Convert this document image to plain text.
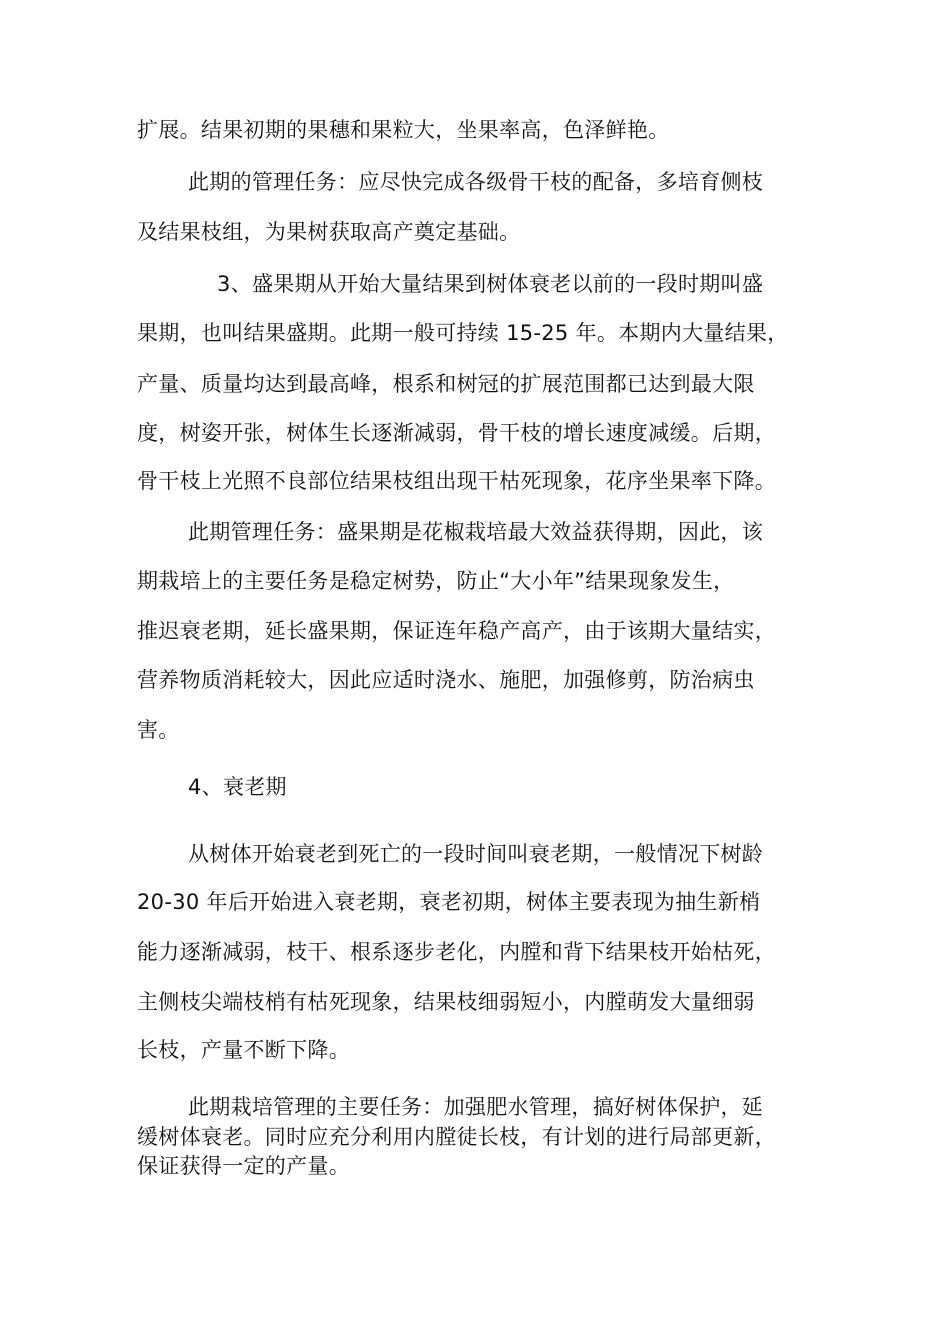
扩展。结果初期的果穗和果粒大，坐果率高，色泽鲜艳。
此期的管理任务：应尽快完成各级骨干枝的配备，多培育侧枝
及结果枝组，为果树获取高产奠定基础。
3、盛果期从开始大量结果到树体衰老以前的一段时期叫盛
果期，也叫结果盛期。此期一般可持续 15-25 年。本期内大量结果，
产量、质量均达到最高峰，根系和树冠的扩展范围都已达到最大限
度，树姿开张，树体生长逐渐减弱，骨干枝的增长速度减缓。后期，
骨干枝上光照不良部位结果枝组出现干枯死现象，花序坐果率下降。
此期管理任务：盛果期是花椒栽培最大效益获得期，因此，该
期栽培上的主要任务是稳定树势，防止“大小年”结果现象发生，
推迟衰老期，延长盛果期，保证连年稳产高产，由于该期大量结实，
营养物质消耗较大，因此应适时浇水、施肥，加强修剪，防治病虫
害。
4、衰老期
从树体开始衰老到死亡的一段时间叫衰老期，一般情况下树龄
20-30 年后开始进入衰老期，衰老初期，树体主要表现为抽生新梢
能力逐渐减弱，枝干、根系逐步老化，内膛和背下结果枝开始枯死，
主侧枝尖端枝梢有枯死现象，结果枝细弱短小，内膛萌发大量细弱
长枝，产量不断下降。
此期栽培管理的主要任务：加强肥水管理，搞好树体保护，延
缓树体衰老。同时应充分利用内膛徒长枝，有计划的进行局部更新，
保证获得一定的产量。
